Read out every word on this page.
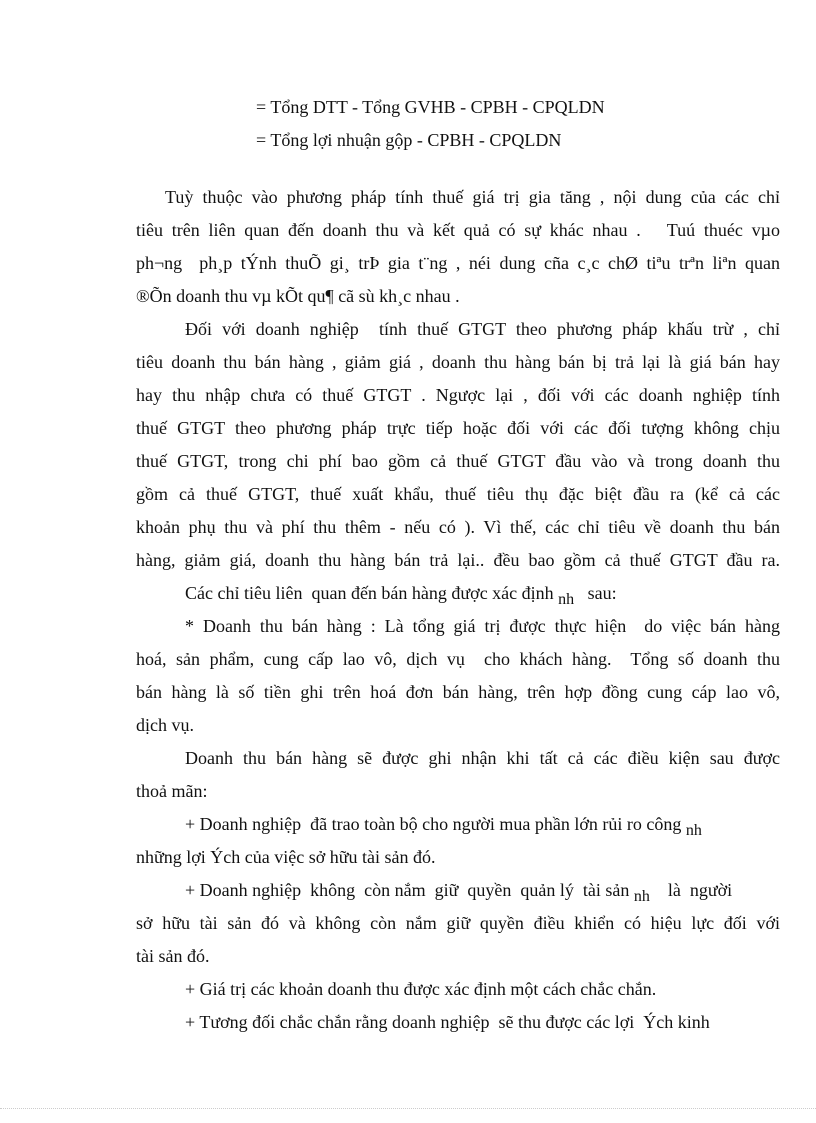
= Tổng DTT - Tổng GVHB - CPBH - CPQLDN
= Tổng lợi nhuận gộp - CPBH - CPQLDN
Tuỳ thuộc vào phương pháp tính thuế giá trị gia tăng , nội dung của các chỉ
tiêu trên liên quan đến doanh thu và kết quả có sự khác nhau .   Tuú thuéc vµo
ph¬ng  ph¸p tÝnh thuÕ gi¸ trÞ gia t¨ng , néi dung cña c¸c chØ tiªu trªn liªn quan
®Õn doanh thu vµ kÕt qu¶ cã sù kh¸c nhau .
Đối với doanh nghiệp  tính thuế GTGT theo phương pháp khấu trừ , chỉ
tiêu doanh thu bán hàng , giảm giá , doanh thu hàng bán bị trả lại là giá bán hay
hay thu nhập chưa có thuế GTGT . Ngược lại , đối với các doanh nghiệp tính
thuế GTGT theo phương pháp trực tiếp hoặc đối với các đối tượng không chịu
thuế GTGT, trong chi phí bao gồm cả thuế GTGT đầu vào và trong doanh thu
gồm cả thuế GTGT, thuế xuất khẩu, thuế tiêu thụ đặc biệt đầu ra (kể cả các
khoản phụ thu và phí thu thêm - nếu có ). Vì thế, các chỉ tiêu về doanh thu bán
hàng, giảm giá, doanh thu hàng bán trả lại.. đều bao gồm cả thuế GTGT đầu ra.
Các chỉ tiêu liên  quan đến bán hàng được xác định nh   sau:
* Doanh thu bán hàng : Là tổng giá trị được thực hiện  do việc bán hàng
hoá, sản phẩm, cung cấp lao vô, dịch vụ  cho khách hàng.  Tổng số doanh thu
bán hàng là số tiền ghi trên hoá đơn bán hàng, trên hợp đồng cung cáp lao vô,
dịch vụ.
Doanh thu bán hàng sẽ được ghi nhận khi tất cả các điều kiện sau được
thoả mãn:
+ Doanh nghiệp  đã trao toàn bộ cho người mua phần lớn rủi ro công nh
những lợi Ých của việc sở hữu tài sản đó.
+ Doanh nghiệp  không  còn nắm  giữ  quyền  quản lý  tài sản nh    là  người
sở hữu tài sản đó và không còn nắm giữ quyền điều khiển có hiệu lực đối với
tài sản đó.
+ Giá trị các khoản doanh thu được xác định một cách chắc chắn.
+ Tương đối chắc chắn rằng doanh nghiệp  sẽ thu được các lợi  Ých kinh
